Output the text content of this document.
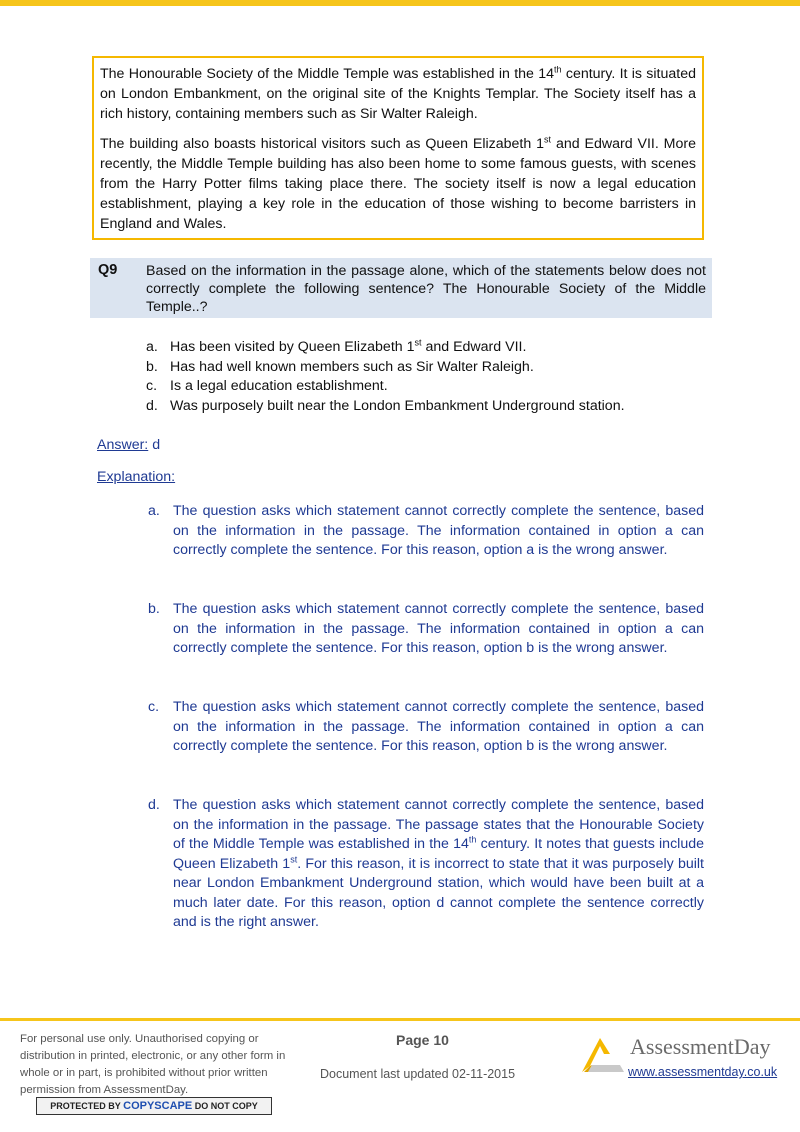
The Honourable Society of the Middle Temple was established in the 14th century. It is situated on London Embankment, on the original site of the Knights Templar. The Society itself has a rich history, containing members such as Sir Walter Raleigh.

The building also boasts historical visitors such as Queen Elizabeth 1st and Edward VII. More recently, the Middle Temple building has also been home to some famous guests, with scenes from the Harry Potter films taking place there. The society itself is now a legal education establishment, playing a key role in the education of those wishing to become barristers in England and Wales.

Q9 Based on the information in the passage alone, which of the statements below does not correctly complete the following sentence? The Honourable Society of the Middle Temple..?
a. Has been visited by Queen Elizabeth 1st and Edward VII.
b. Has had well known members such as Sir Walter Raleigh.
c. Is a legal education establishment.
d. Was purposely built near the London Embankment Underground station.
Answer: d
Explanation:
a. The question asks which statement cannot correctly complete the sentence, based on the information in the passage. The information contained in option a can correctly complete the sentence. For this reason, option a is the wrong answer.
b. The question asks which statement cannot correctly complete the sentence, based on the information in the passage. The information contained in option a can correctly complete the sentence. For this reason, option b is the wrong answer.
c. The question asks which statement cannot correctly complete the sentence, based on the information in the passage. The information contained in option a can correctly complete the sentence. For this reason, option b is the wrong answer.
d. The question asks which statement cannot correctly complete the sentence, based on the information in the passage. The passage states that the Honourable Society of the Middle Temple was established in the 14th century. It notes that guests include Queen Elizabeth 1st. For this reason, it is incorrect to state that it was purposely built near London Embankment Underground station, which would have been built at a much later date. For this reason, option d cannot complete the sentence correctly and is the right answer.
For personal use only. Unauthorised copying or distribution in printed, electronic, or any other form in whole or in part, is prohibited without prior written permission from AssessmentDay.
PROTECTED BY COPYSCAPE DO NOT COPY
Page 10
Document last updated 02-11-2015
AssessmentDay
www.assessmentday.co.uk
